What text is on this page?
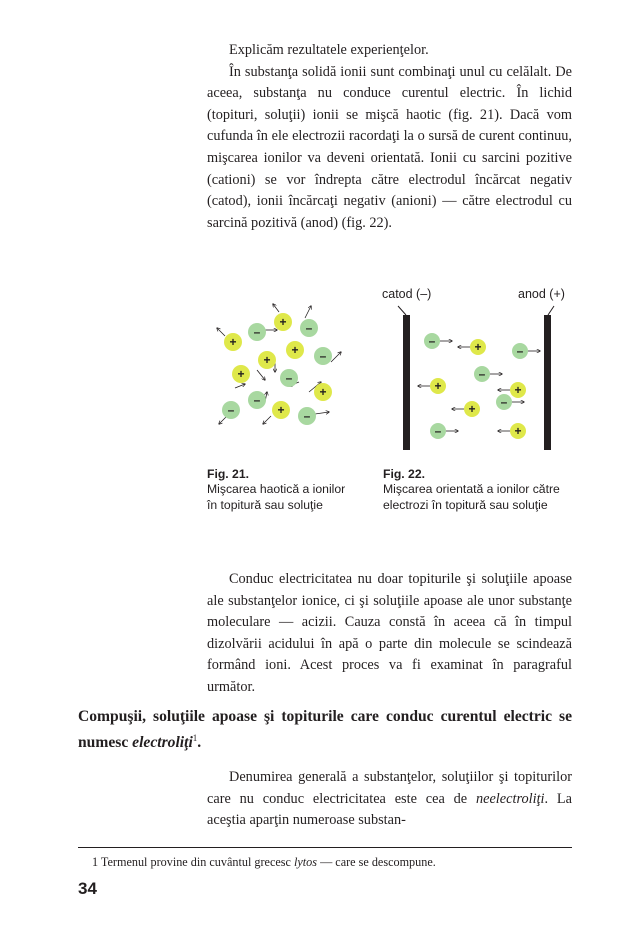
Explicăm rezultatele experienţelor.

În substanţa solidă ionii sunt combinaţi unul cu celălalt. De aceea, substanţa nu conduce curentul electric. În lichid (topituri, soluţii) ionii se mişcă haotic (fig. 21). Dacă vom cufunda în ele electrozii racordaţi la o sursă de curent continuu, mişcarea ionilor va deveni orientată. Ionii cu sarcini pozitive (cationi) se vor îndrepta către electrodul încărcat negativ (catod), ionii încărcaţi negativ (anioni) — către electrodul cu sarcină pozitivă (anod) (fig. 22).

+
–	–
+
+
+	–
+	–
+
–
–	+ –
catod (–)	anod (+)
–	+	–
–
+	+
–
+
–	+
Fig. 21.
Mişcarea haotică a ionilor în topitură sau soluţie
Fig. 22.
Mişcarea orientată a ionilor către electrozi în topitură sau soluţie

Conduc electricitatea nu doar topiturile şi soluţiile apoase ale substanţelor ionice, ci şi soluţiile apoase ale unor substanţe moleculare — acizii. Cauza constă în aceea că în timpul dizolvării acidului în apă o parte din molecule se scindează formând ioni. Acest proces va fi examinat în paragraful următor.

Compuşii, soluţiile apoase şi topiturile care conduc curentul electric se numesc electroliţi$^1$.

Denumirea generală a substanţelor, soluţiilor şi topiturilor care nu conduc electricitatea este cea de neelectroliţi. La aceştia aparţin numeroase substan-

1 Termenul provine din cuvântul grecesc lytos — care se descompune.
34
